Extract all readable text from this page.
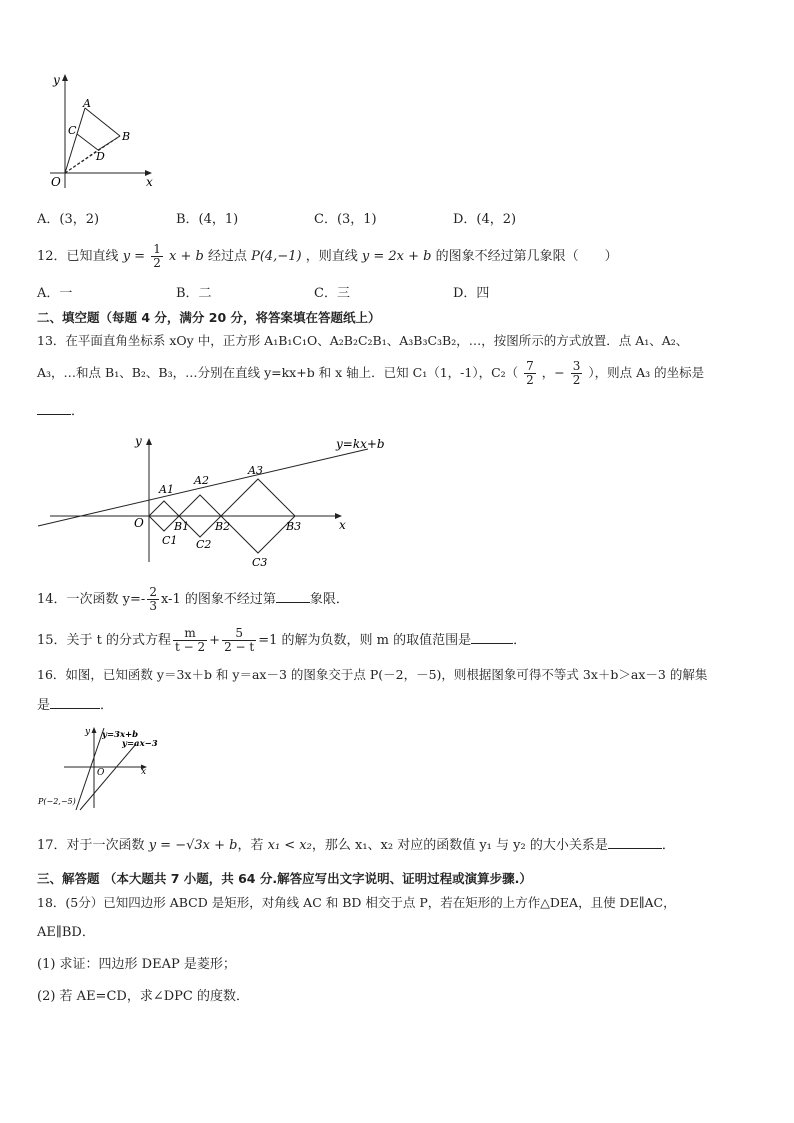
y
x
O
A
B
C
D
A．(3，2)	B．(4，1)	C．(3，1)	D．(4，2)
12．已知直线 $y = \frac{1}{2}$ x + b 经过点 P(4,−1) ，则直线 y = 2x + b 的图象不经过第几象限（　　）
A．一	B．二	C．三	D．四
二、填空题（每题 4 分，满分 20 分，将答案填在答题纸上）
13．在平面直角坐标系 xOy 中，正方形 A₁B₁C₁O、A₂B₂C₂B₁、A₃B₃C₃B₂，…，按图所示的方式放置．点 A₁、A₂、
A₃，…和点 B₁、B₂、B₃，…分别在直线 y=kx+b 和 x 轴上．已知 C₁（1，-1），$C_2( \frac{7}{2}$ ，− $\frac{3}{2}$ ），则点 A₃ 的坐标是
．
y=kx+b
y
x
O
A1
A2
A3
B1 B2	B3
C1 C2
C3
14．一次函数 $y=- \frac{2}{3} x-1$ 的图象不经过第	象限．
15．关于 t 的分式方程 $\frac{m}{t - 2} + \frac{5}{2 - t} =1$ 的解为负数，则 m 的取值范围是	．
16．如图，已知函数 y＝3x＋b 和 y＝ax－3 的图象交于点 P(－2，－5)，则根据图象可得不等式 3x＋b＞ax－3 的解集
是	．
y
x
O
y=3x+b
y=ax−3
P(−2,−5)
17．对于一次函数 y = −√3x + b，若 x₁ < x₂，那么 x₁、x₂ 对应的函数值 y₁ 与 y₂ 的大小关系是	．
三、解答题 （本大题共 7 小题，共 64 分.解答应写出文字说明、证明过程或演算步骤.）
18．(5分）已知四边形 ABCD 是矩形，对角线 AC 和 BD 相交于点 P，若在矩形的上方作△DEA，且使 DE∥AC，
AE∥BD．
(1) 求证：四边形 DEAP 是菱形；
(2) 若 AE=CD，求∠DPC 的度数．
